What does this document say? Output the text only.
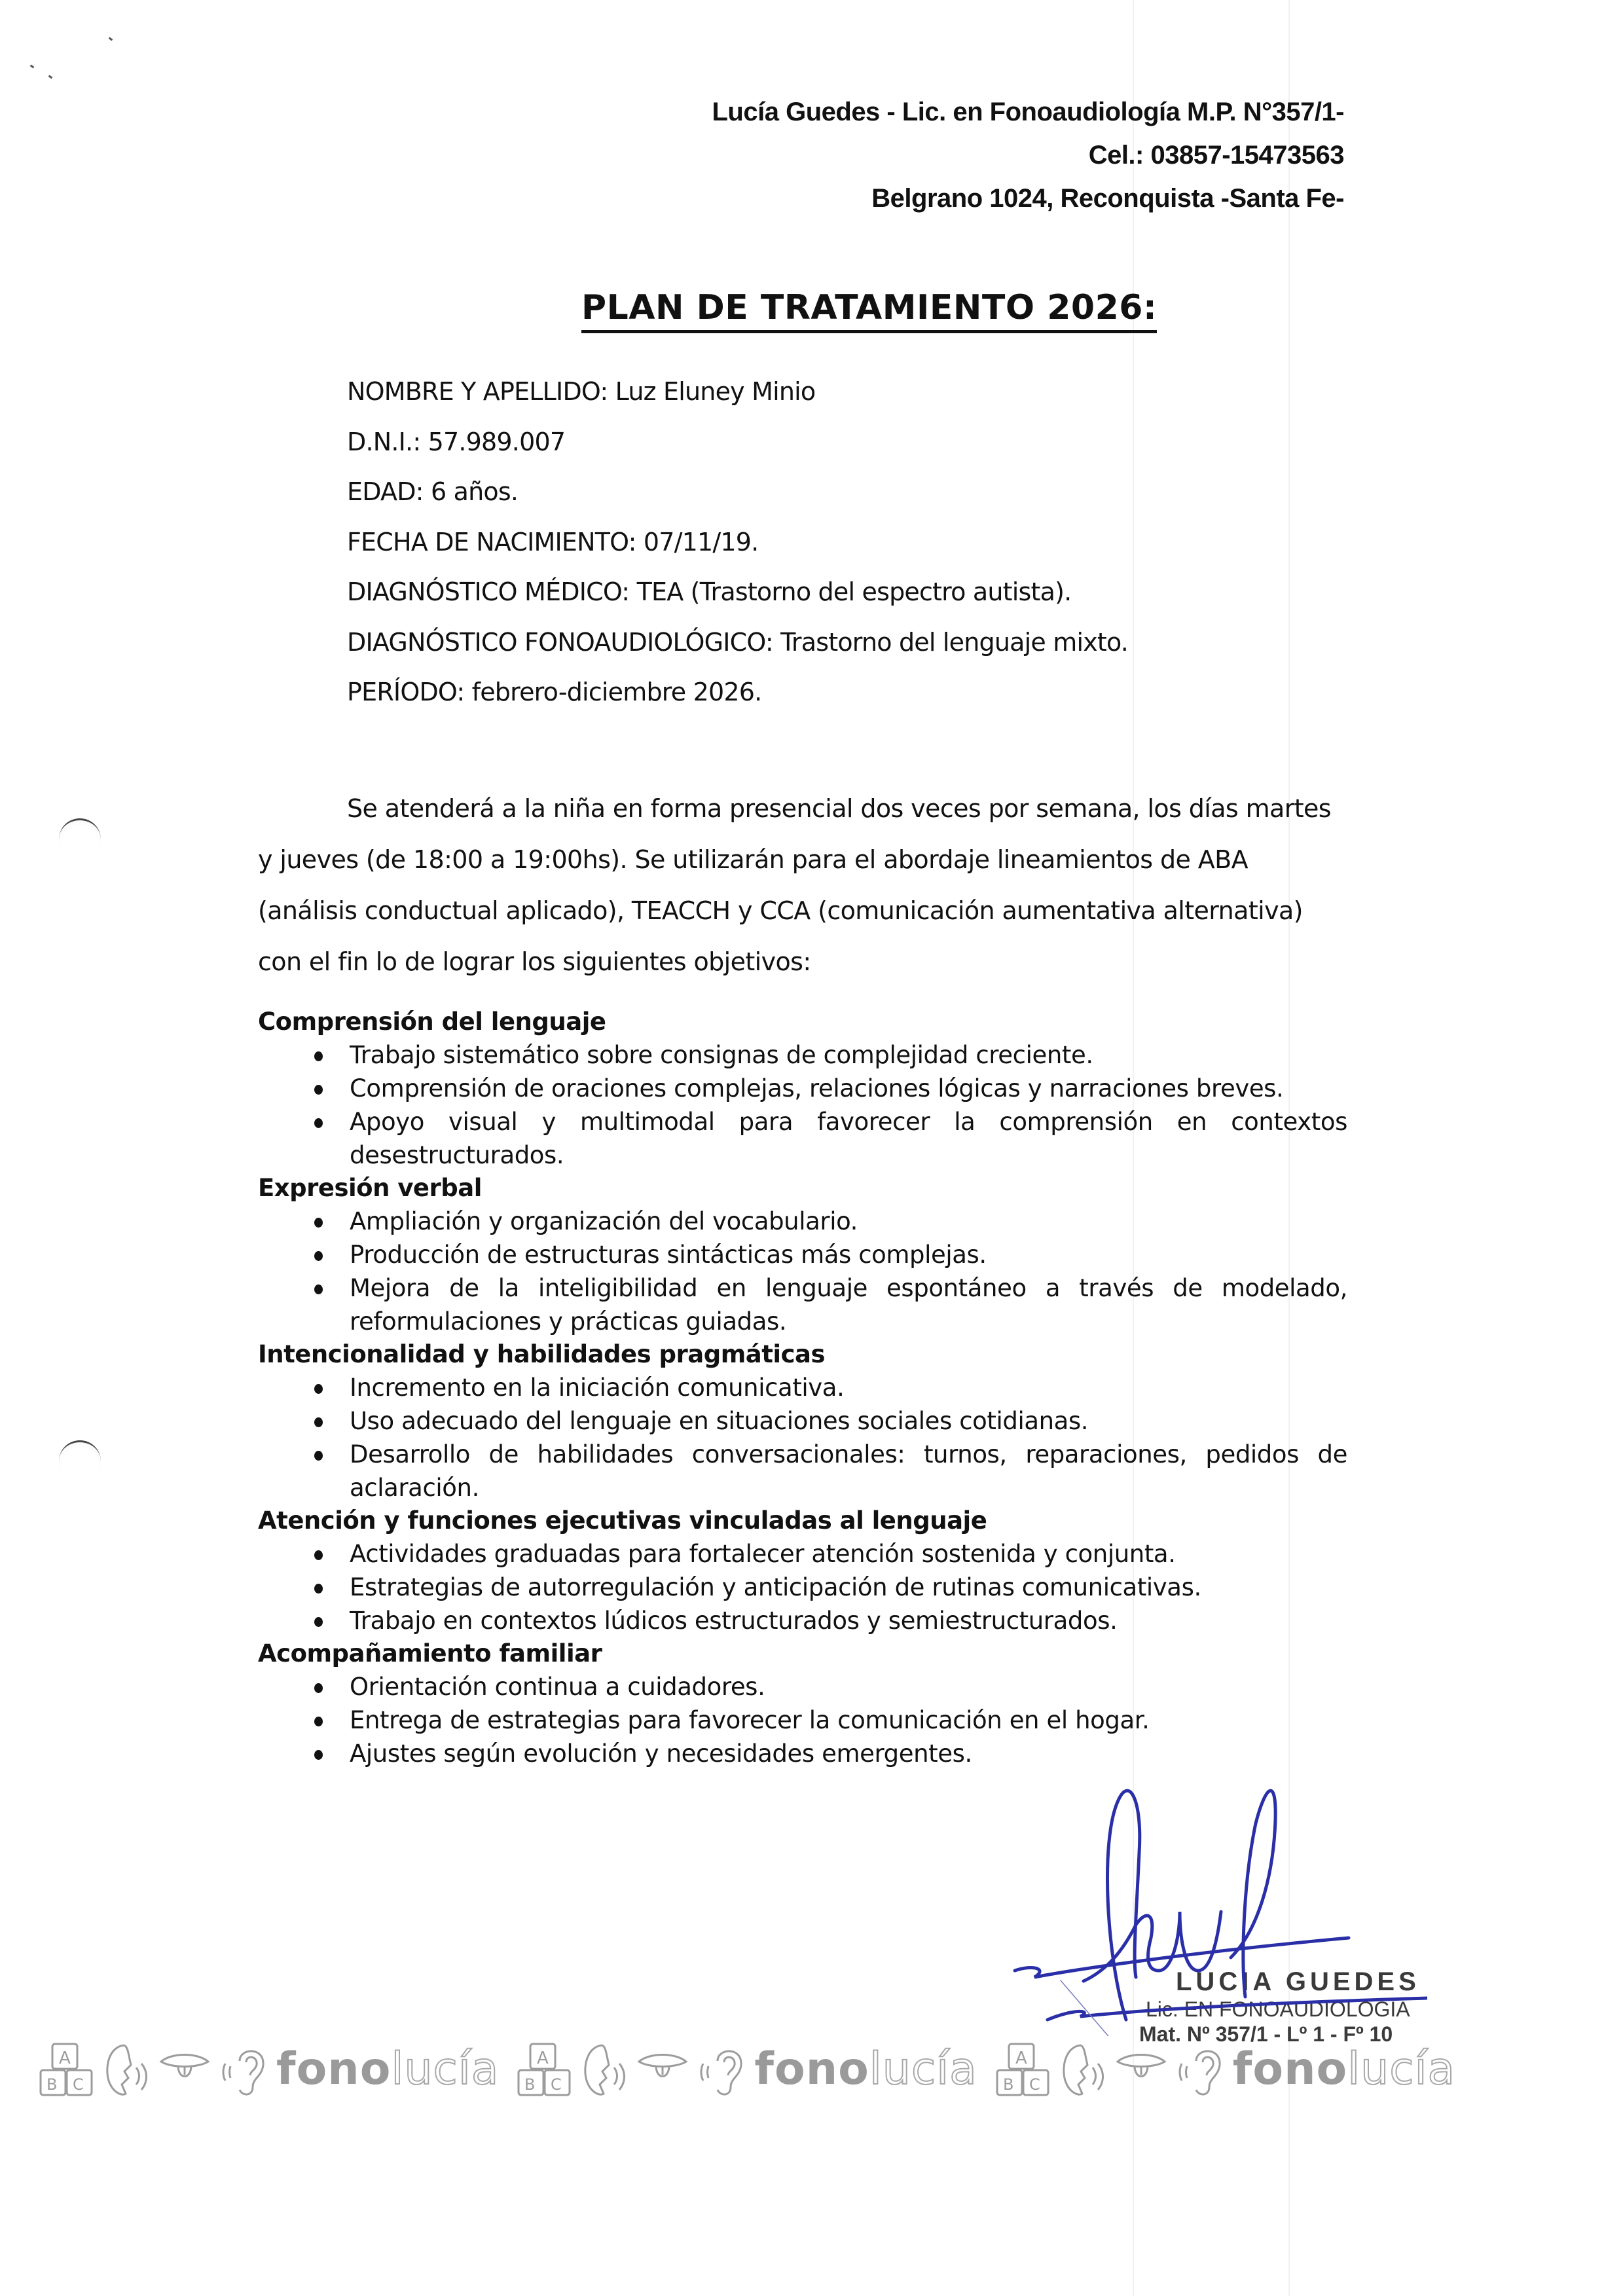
Lucía Guedes - Lic. en Fonoaudiología M.P. N°357/1-
Cel.: 03857-15473563
Belgrano 1024, Reconquista -Santa Fe-
PLAN DE TRATAMIENTO 2026:
NOMBRE Y APELLIDO: Luz Eluney Minio
D.N.I.: 57.989.007
EDAD: 6 años.
FECHA DE NACIMIENTO: 07/11/19.
DIAGNÓSTICO MÉDICO: TEA (Trastorno del espectro autista).
DIAGNÓSTICO FONOAUDIOLÓGICO: Trastorno del lenguaje mixto.
PERÍODO: febrero-diciembre 2026.
Se atenderá a la niña en forma presencial dos veces por semana, los días martes
y jueves (de 18:00 a 19:00hs). Se utilizarán para el abordaje lineamientos de ABA
(análisis conductual aplicado), TEACCH y CCA (comunicación aumentativa alternativa)
con el fin lo de lograr los siguientes objetivos:
Comprensión del lenguaje
Trabajo sistemático sobre consignas de complejidad creciente.
Comprensión de oraciones complejas, relaciones lógicas y narraciones breves.
Apoyo visual y multimodal para favorecer la comprensión en contextos desestructurados.
Expresión verbal
Ampliación y organización del vocabulario.
Producción de estructuras sintácticas más complejas.
Mejora de la inteligibilidad en lenguaje espontáneo a través de modelado, reformulaciones y prácticas guiadas.
Intencionalidad y habilidades pragmáticas
Incremento en la iniciación comunicativa.
Uso adecuado del lenguaje en situaciones sociales cotidianas.
Desarrollo de habilidades conversacionales: turnos, reparaciones, pedidos de aclaración.
Atención y funciones ejecutivas vinculadas al lenguaje
Actividades graduadas para fortalecer atención sostenida y conjunta.
Estrategias de autorregulación y anticipación de rutinas comunicativas.
Trabajo en contextos lúdicos estructurados y semiestructurados.
Acompañamiento familiar
Orientación continua a cuidadores.
Entrega de estrategias para favorecer la comunicación en el hogar.
Ajustes según evolución y necesidades emergentes.
LUCIA GUEDES
Lic. EN FONOAUDIOLOGIA
Mat. Nº 357/1 - Lº 1 - Fº 10
A
B C	fonolucía A
B C	fonolucía A
B C	fonolucía
